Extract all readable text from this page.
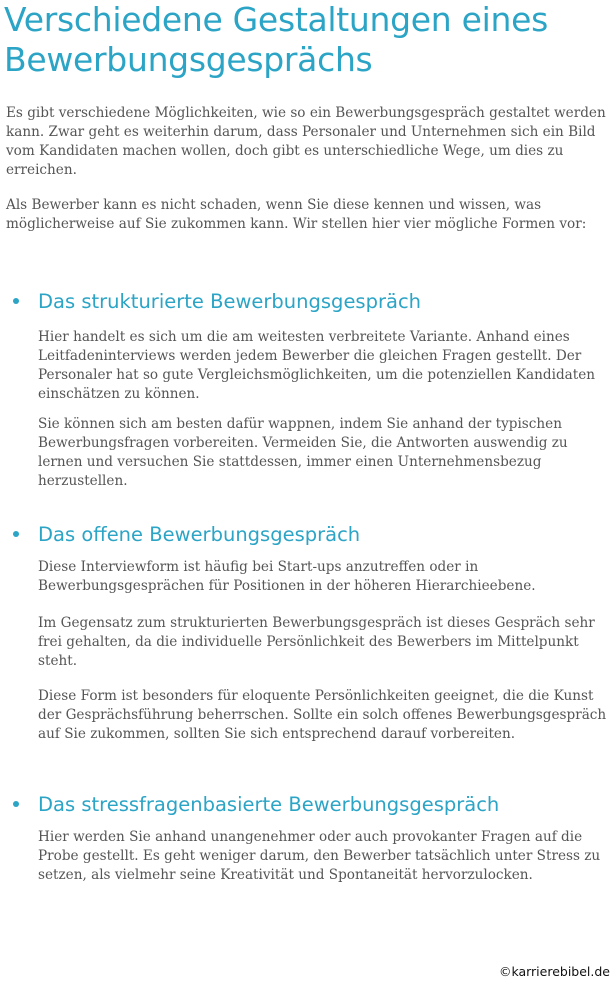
Verschiedene Gestaltungen eines Bewerbungsgesprächs

Es gibt verschiedene Möglichkeiten, wie so ein Bewerbungsgespräch gestaltet werden kann. Zwar geht es weiterhin darum, dass Personaler und Unternehmen sich ein Bild vom Kandidaten machen wollen, doch gibt es unterschiedliche Wege, um dies zu erreichen.

Als Bewerber kann es nicht schaden, wenn Sie diese kennen und wissen, was möglicherweise auf Sie zukommen kann. Wir stellen hier vier mögliche Formen vor:

Das strukturierte Bewerbungsgespräch

Hier handelt es sich um die am weitesten verbreitete Variante. Anhand eines Leitfadeninterviews werden jedem Bewerber die gleichen Fragen gestellt. Der Personaler hat so gute Vergleichsmöglichkeiten, um die potenziellen Kandidaten einschätzen zu können.

Sie können sich am besten dafür wappnen, indem Sie anhand der typischen Bewerbungsfragen vorbereiten. Vermeiden Sie, die Antworten auswendig zu lernen und versuchen Sie stattdessen, immer einen Unternehmensbezug herzustellen.

Das offene Bewerbungsgespräch

Diese Interviewform ist häufig bei Start-ups anzutreffen oder in Bewerbungsgesprächen für Positionen in der höheren Hierarchieebene.

Im Gegensatz zum strukturierten Bewerbungsgespräch ist dieses Gespräch sehr frei gehalten, da die individuelle Persönlichkeit des Bewerbers im Mittelpunkt steht.

Diese Form ist besonders für eloquente Persönlichkeiten geeignet, die die Kunst der Gesprächsführung beherrschen. Sollte ein solch offenes Bewerbungsgespräch auf Sie zukommen, sollten Sie sich entsprechend darauf vorbereiten.

Das stressfragenbasierte Bewerbungsgespräch

Hier werden Sie anhand unangenehmer oder auch provokanter Fragen auf die Probe gestellt. Es geht weniger darum, den Bewerber tatsächlich unter Stress zu setzen, als vielmehr seine Kreativität und Spontaneität hervorzulocken.

©karrierebibel.de
